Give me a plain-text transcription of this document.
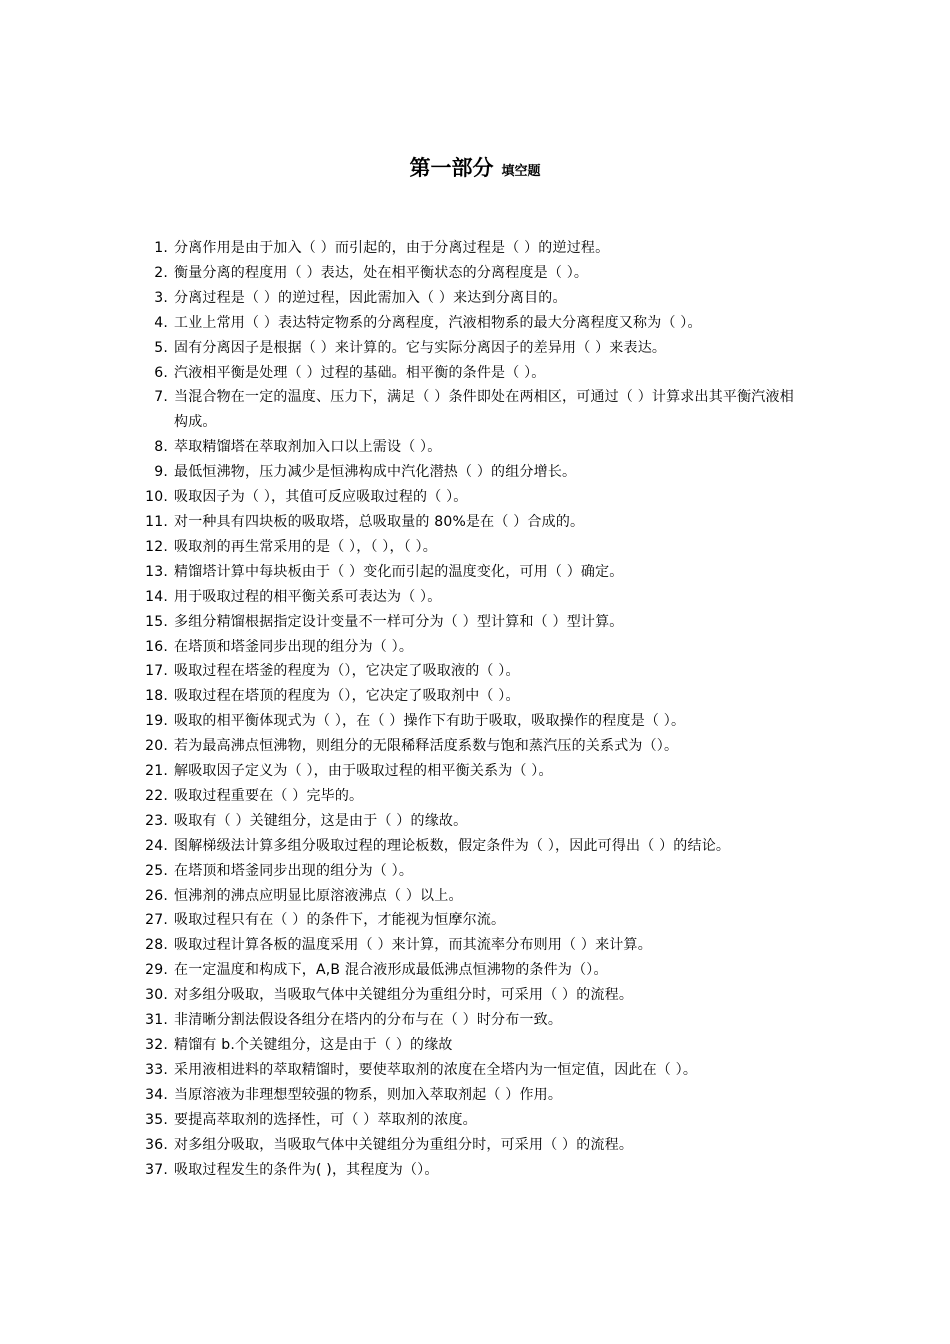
第一部分 填空题
1. 分离作用是由于加入（ ）而引起的，由于分离过程是（ ）的逆过程。
2. 衡量分离的程度用（ ）表达，处在相平衡状态的分离程度是（ ）。
3. 分离过程是（ ）的逆过程，因此需加入（ ）来达到分离目的。
4. 工业上常用（ ）表达特定物系的分离程度，汽液相物系的最大分离程度又称为（ ）。
5. 固有分离因子是根据（ ）来计算的。它与实际分离因子的差异用（ ）来表达。
6. 汽液相平衡是处理（ ）过程的基础。相平衡的条件是（ ）。
7. 当混合物在一定的温度、压力下，满足（ ）条件即处在两相区，可通过（ ）计算求出其平衡汽液相构成。
8. 萃取精馏塔在萃取剂加入口以上需设（ ）。
9. 最低恒沸物，压力减少是恒沸构成中汽化潜热（ ）的组分增长。
10. 吸取因子为（ ），其值可反应吸取过程的（ ）。
11. 对一种具有四块板的吸取塔，总吸取量的 80%是在（ ）合成的。
12. 吸取剂的再生常采用的是（ ），（ ），（ ）。
13. 精馏塔计算中每块板由于（ ）变化而引起的温度变化，可用（ ）确定。
14. 用于吸取过程的相平衡关系可表达为（ ）。
15. 多组分精馏根据指定设计变量不一样可分为（ ）型计算和（ ）型计算。
16. 在塔顶和塔釜同步出现的组分为（ ）。
17. 吸取过程在塔釜的程度为（），它决定了吸取液的（ ）。
18. 吸取过程在塔顶的程度为（），它决定了吸取剂中（ ）。
19. 吸取的相平衡体现式为（ ），在（ ）操作下有助于吸取，吸取操作的程度是（ ）。
20. 若为最高沸点恒沸物，则组分的无限稀释活度系数与饱和蒸汽压的关系式为（）。
21. 解吸取因子定义为（ ），由于吸取过程的相平衡关系为（ ）。
22. 吸取过程重要在（ ）完毕的。
23. 吸取有（ ）关键组分，这是由于（ ）的缘故。
24. 图解梯级法计算多组分吸取过程的理论板数，假定条件为（ ），因此可得出（ ）的结论。
25. 在塔顶和塔釜同步出现的组分为（ ）。
26. 恒沸剂的沸点应明显比原溶液沸点（ ）以上。
27. 吸取过程只有在（ ）的条件下，才能视为恒摩尔流。
28. 吸取过程计算各板的温度采用（ ）来计算，而其流率分布则用（ ）来计算。
29. 在一定温度和构成下，A,B 混合液形成最低沸点恒沸物的条件为（）。
30. 对多组分吸取，当吸取气体中关键组分为重组分时，可采用（ ）的流程。
31. 非清晰分割法假设各组分在塔内的分布与在（ ）时分布一致。
32. 精馏有 b.个关键组分，这是由于（ ）的缘故
33. 采用液相进料的萃取精馏时，要使萃取剂的浓度在全塔内为一恒定值，因此在（ ）。
34. 当原溶液为非理想型较强的物系，则加入萃取剂起（ ）作用。
35. 要提高萃取剂的选择性，可（ ）萃取剂的浓度。
36. 对多组分吸取，当吸取气体中关键组分为重组分时，可采用（ ）的流程。
37. 吸取过程发生的条件为( )，其程度为（）。
